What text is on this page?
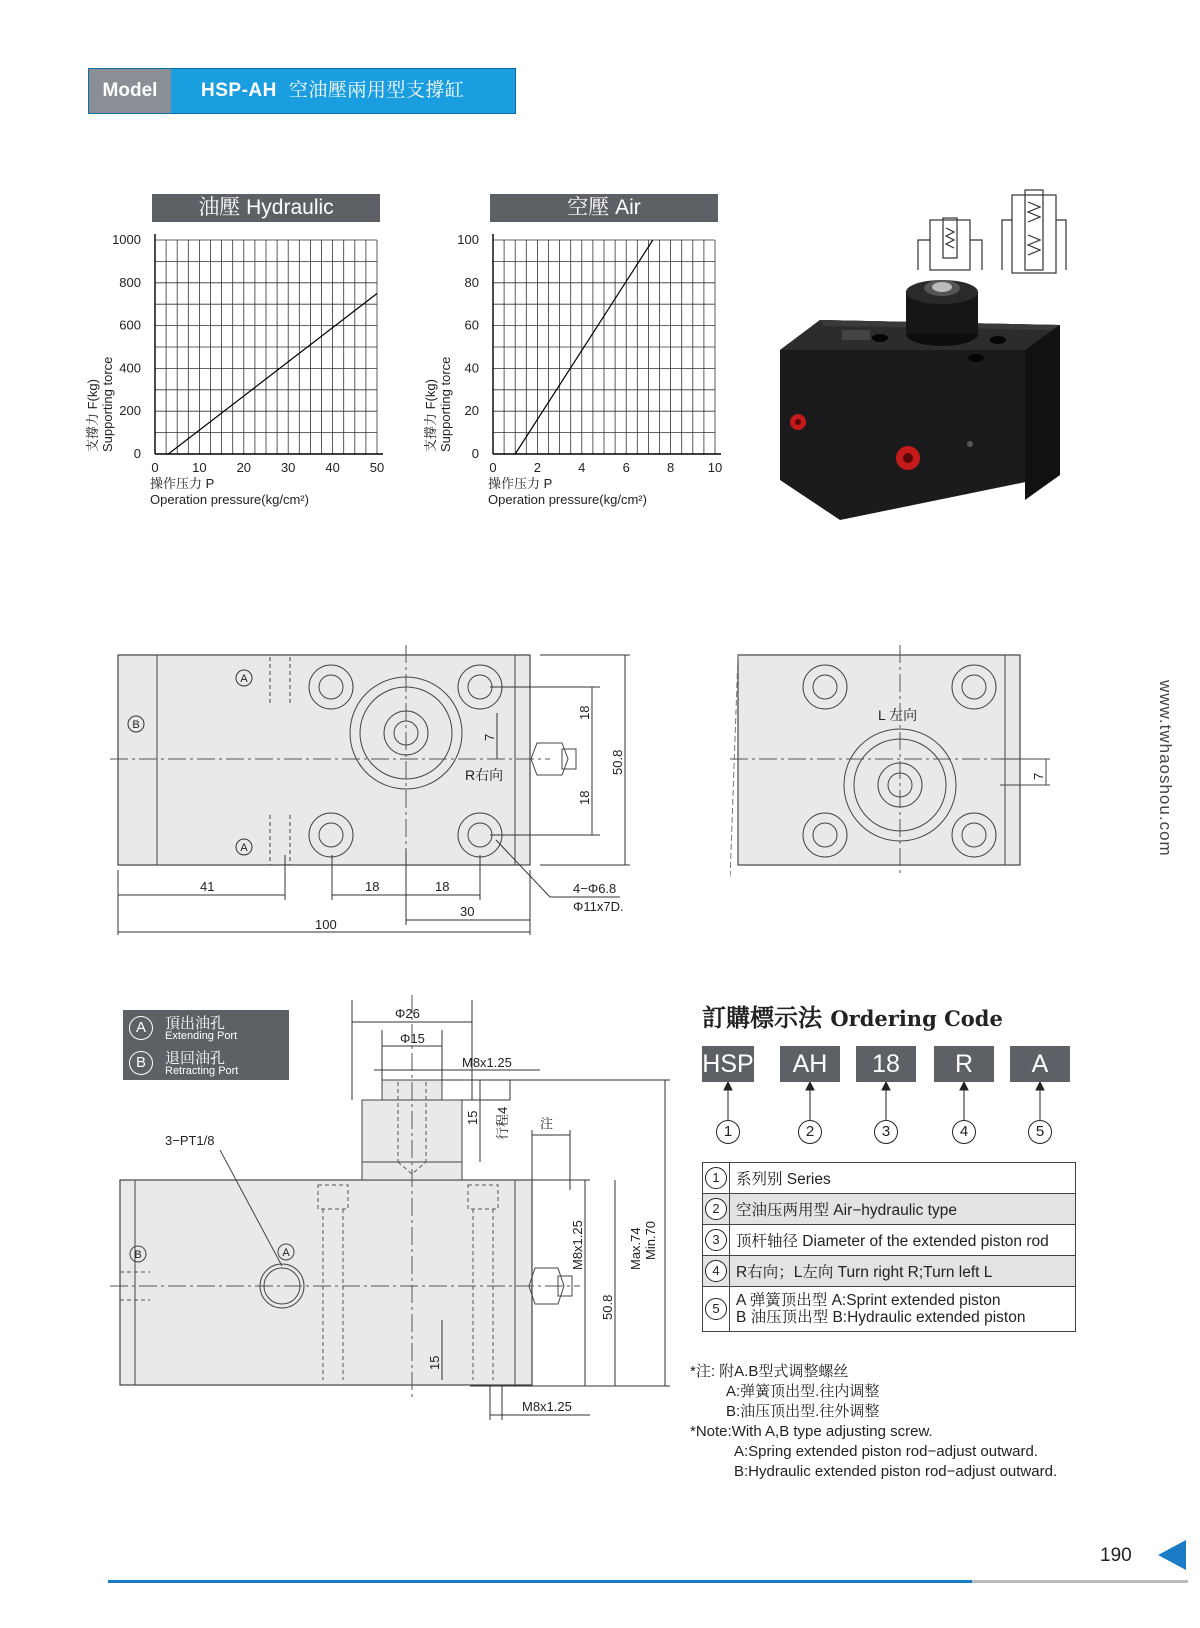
Model	HSP-AH 空油壓兩用型支撐缸
油壓 Hydraulic
0
200
400
600
800
1000
0	10 20 30 40 50
支撐力 F(kg) Supporting torce
操作压力 P
Operation pressure(kg/cm²)
空壓 Air
0
20
40
60
80
100
0	2	4	6	8	10
支撐力 F(kg) Supporting torce
操作压力 P
Operation pressure(kg/cm²)
A
A
B
R右向
41	18	18
30
100
18
18
50.8
7
4−Φ6.8
Φ11x7D.
L 左向
7
A	頂出油孔
Extending Port
B	退回油孔
Retracting Port
Φ26
Φ15
M8x1.25
15 行程4 注
3−PT1/8
A
B	M8x1.25
50.8
Max.74 Min.70
15
M8x1.25
訂購標示法 Ordering Code
HSP	AH	18	R	A
1	2	3	4	5
1	系列别 Series
2	空油压两用型 Air−hydraulic type
3	顶杆轴径 Diameter of the extended piston rod
4	R右向；L左向 Turn right R;Turn left L
5	A 弹簧顶出型 A:Sprint extended piston
B 油压顶出型 B:Hydraulic extended piston
*注: 附A.B型式调整螺丝
A:弹簧顶出型.往内调整
B:油压顶出型.往外调整
*Note:With A,B type adjusting screw.
A:Spring extended piston rod−adjust outward.
B:Hydraulic extended piston rod−adjust outward.
www.twhaoshou.com
190
